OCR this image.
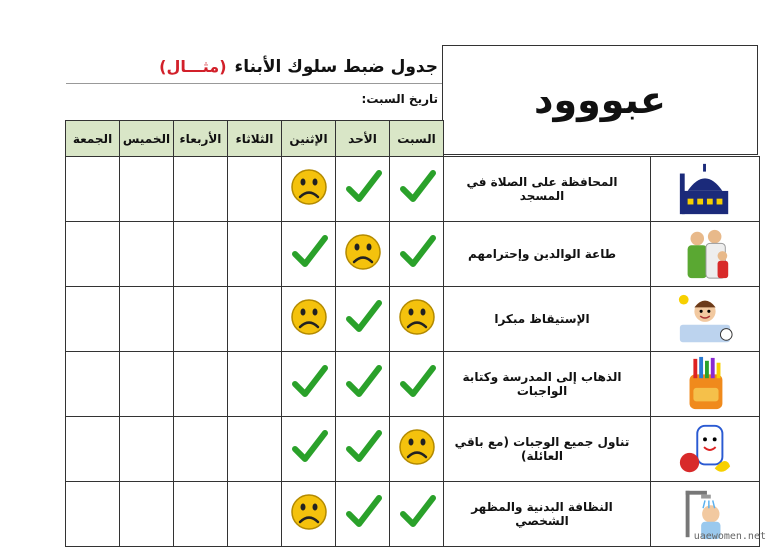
جدول ضبط سلوك الأبناء
(مثـــال)
تاريخ السبت:	عبووود
الجمعة	الخميس	الأربعاء	الثلاثاء	الإثنين	الأحد	السبت		
							المحافظة على الصلاة في المسجد	

							طاعة الوالدين وإحترامهم	

							الإستيقاظ مبكرا	

							الذهاب إلى المدرسة وكتابة الواجبات	

							تناول جميع الوجبات (مع باقي العائلة)	

							النظافة البدنية والمظهر الشخصي	
uaewomen.net
